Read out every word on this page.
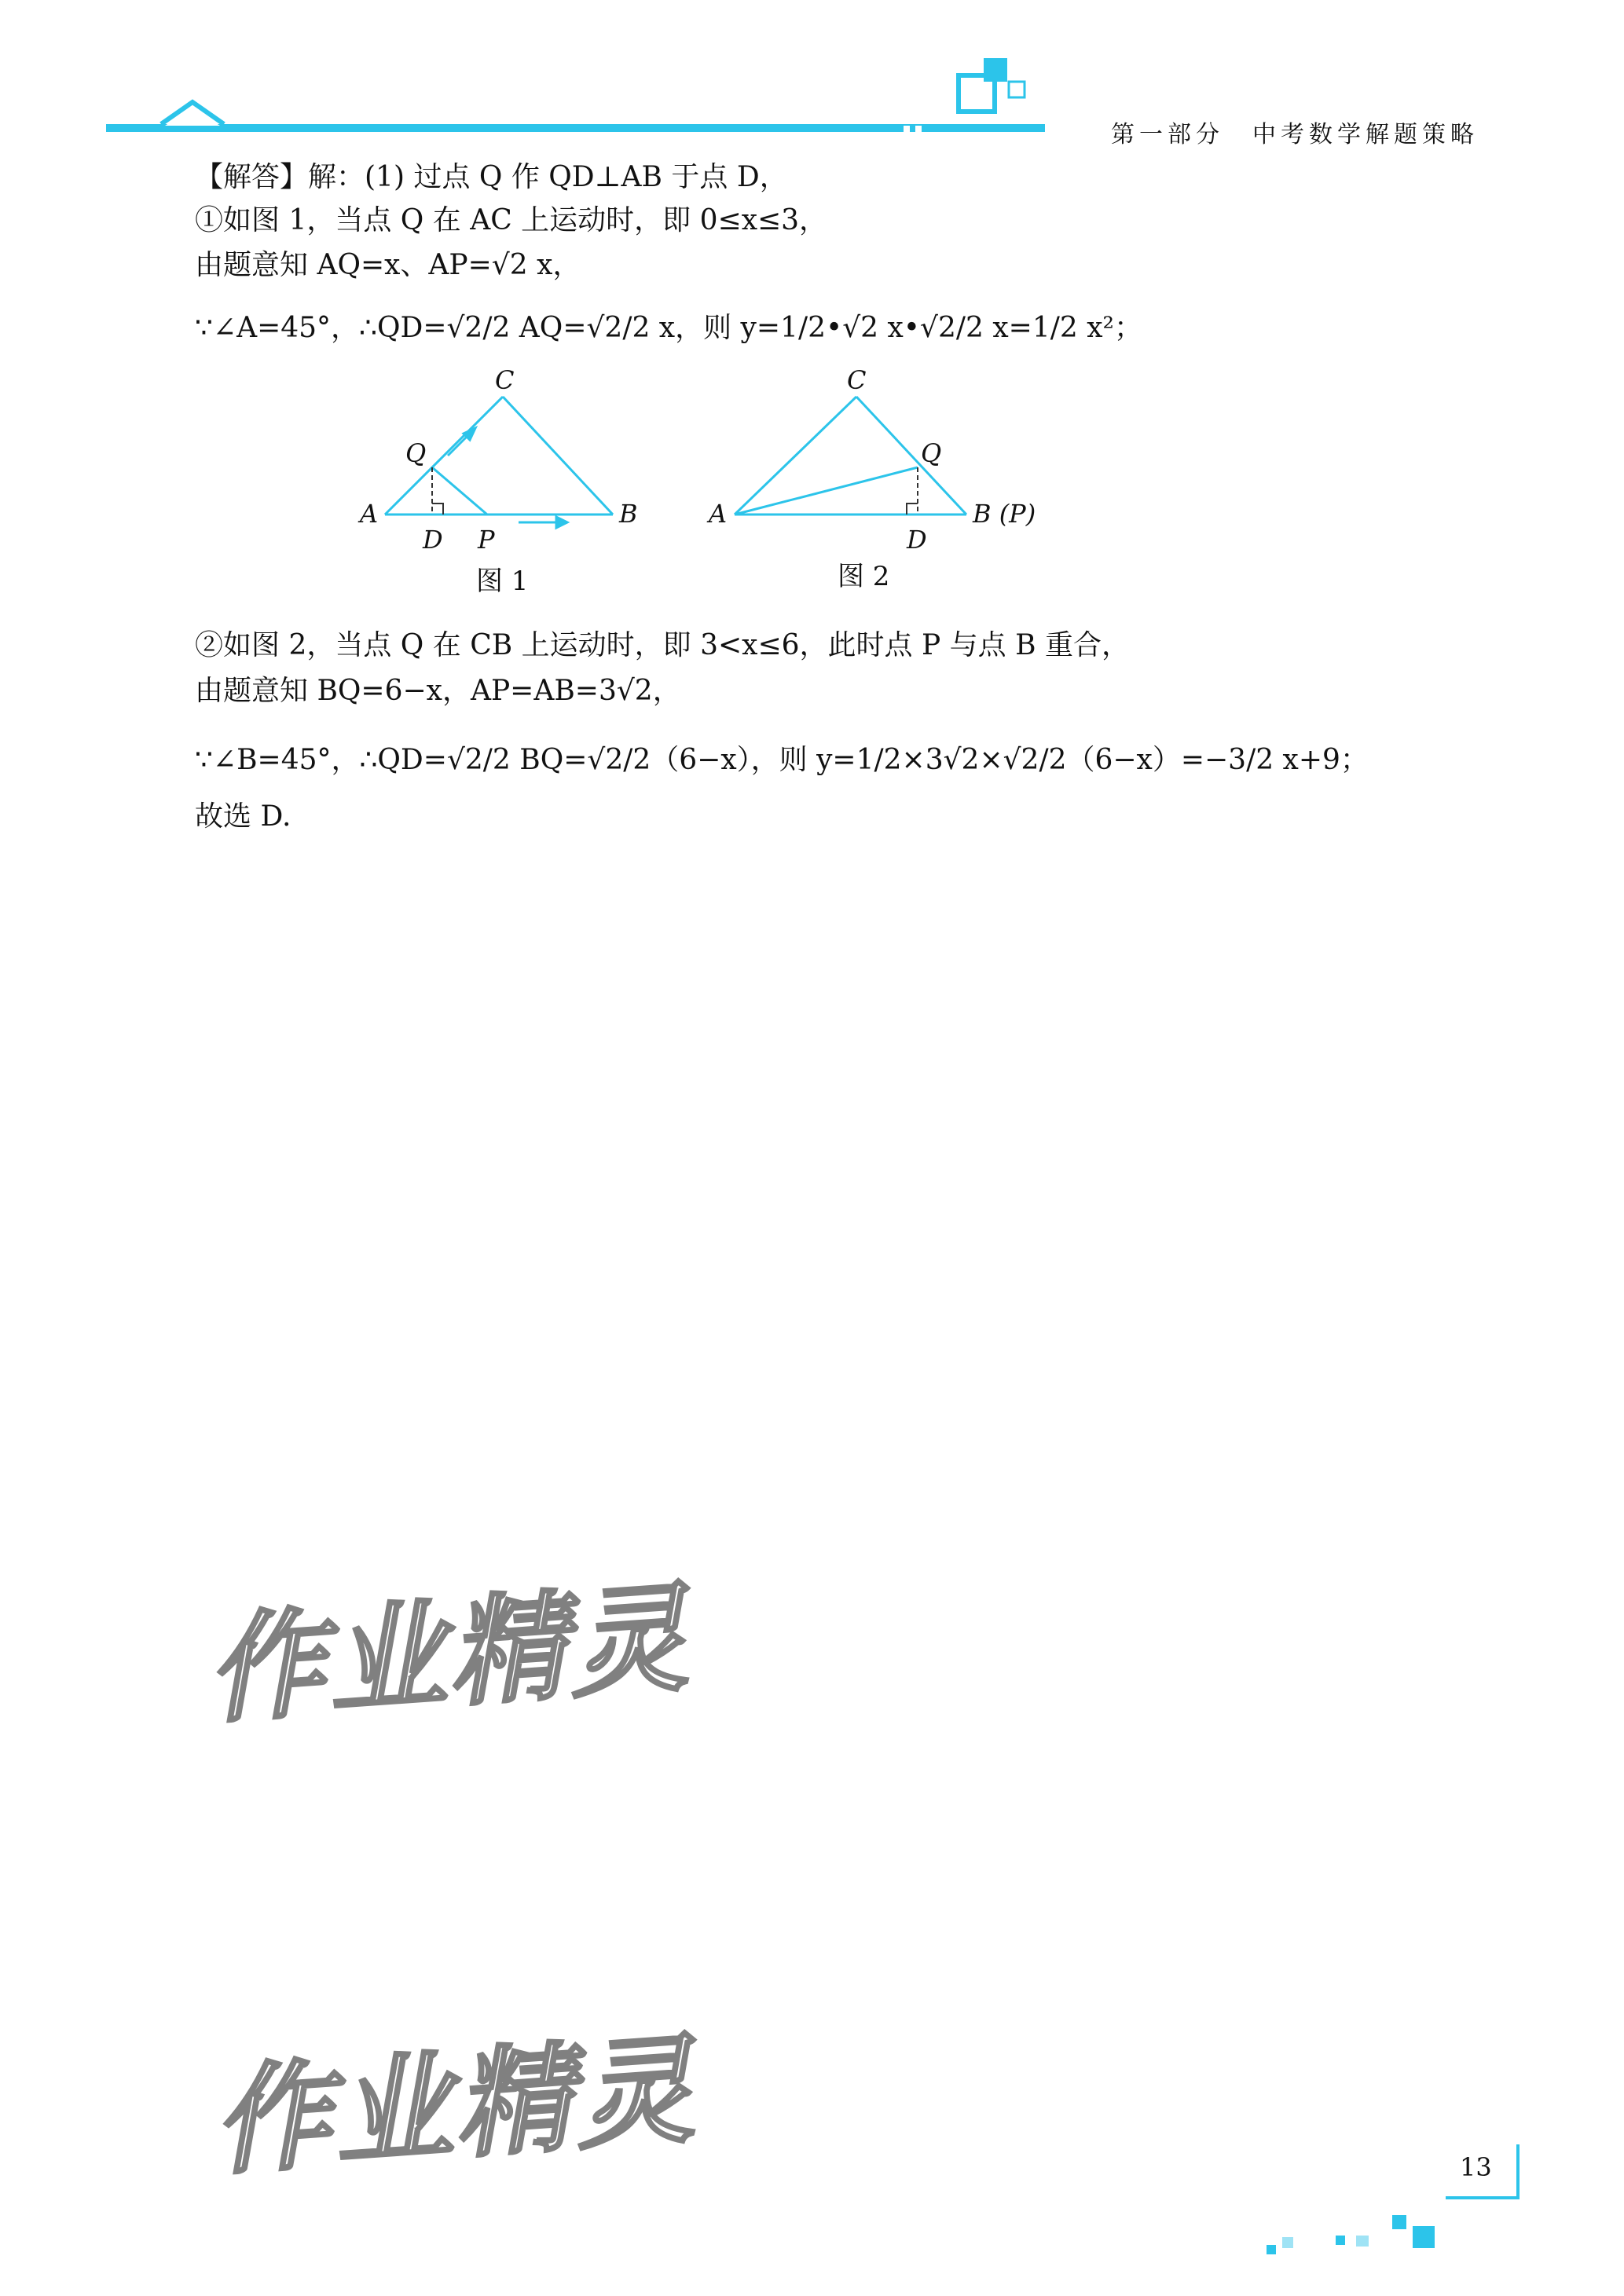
第一部分　中考数学解题策略
【解答】解：(1) 过点 Q 作 QD⊥AB 于点 D，
①如图 1，当点 Q 在 AC 上运动时，即 0≤x≤3，
由题意知 AQ=x、AP=√2 x，
∵∠A=45°，∴QD=√2/2 AQ=√2/2 x，则 y=1/2•√2 x•√2/2 x=1/2 x²；
C
Q
A
D P
B
图 1
C
Q
A
D
B (P)
图 2
②如图 2，当点 Q 在 CB 上运动时，即 3<x≤6，此时点 P 与点 B 重合，
由题意知 BQ=6−x，AP=AB=3√2，
∵∠B=45°，∴QD=√2/2 BQ=√2/2（6−x），则 y=1/2×3√2×√2/2（6−x）=−3/2 x+9；
故选 D.
作业精灵
作业精灵	13
